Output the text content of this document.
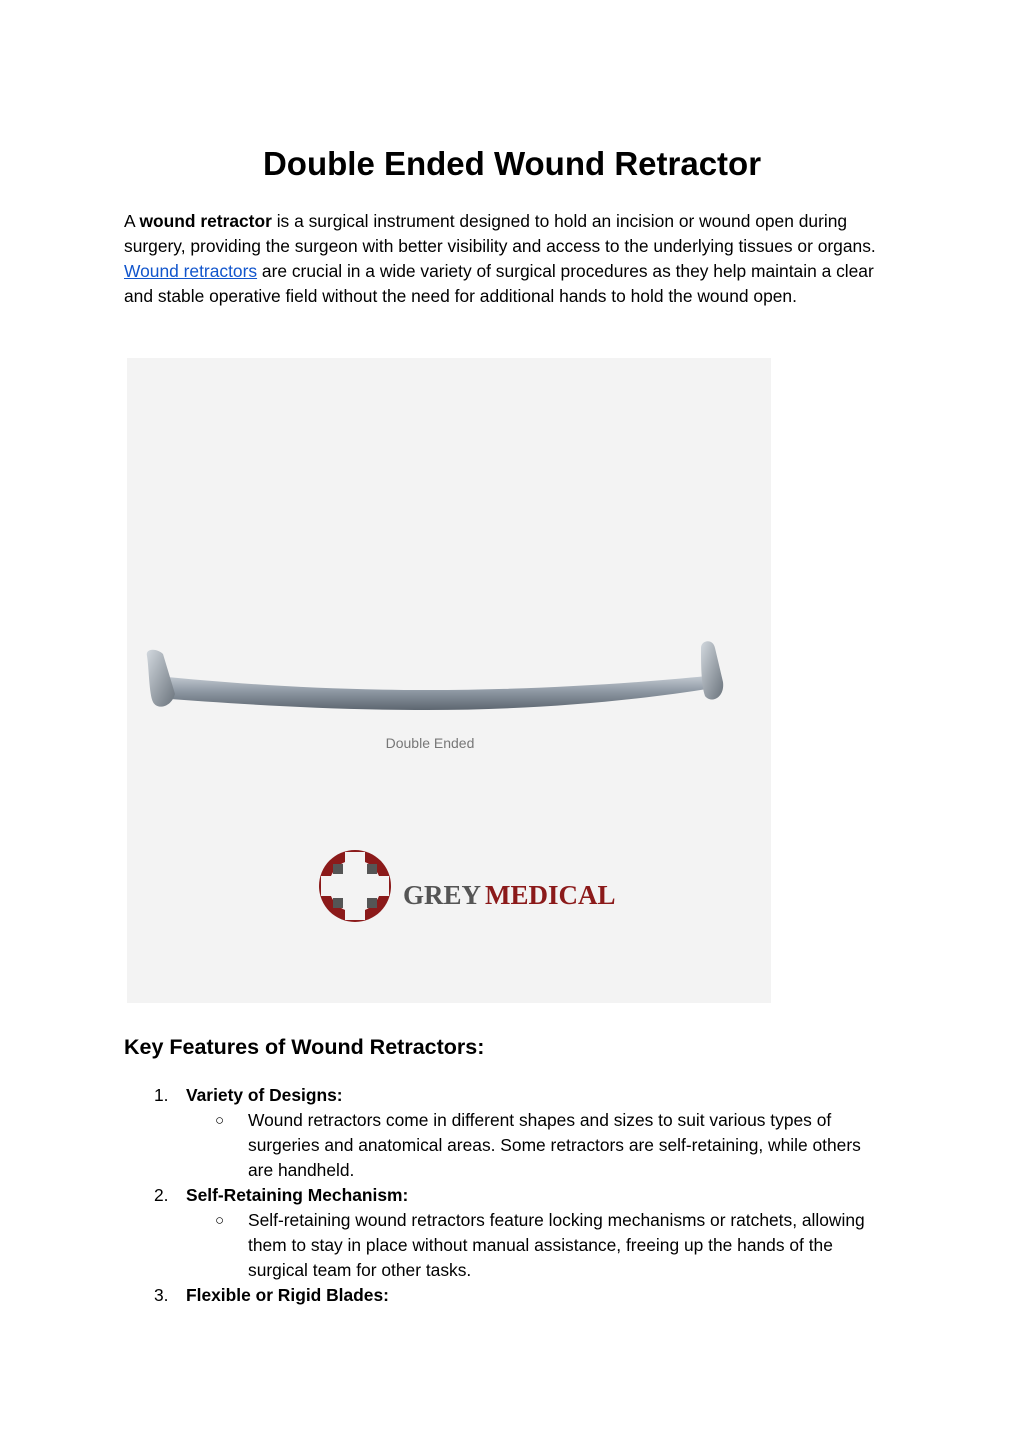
Double Ended Wound Retractor

A wound retractor is a surgical instrument designed to hold an incision or wound open during surgery, providing the surgeon with better visibility and access to the underlying tissues or organs. Wound retractors are crucial in a wide variety of surgical procedures as they help maintain a clear and stable operative field without the need for additional hands to hold the wound open.

Double Ended
GREY MEDICAL
Key Features of Wound Retractors:
1.	Variety of Designs:
○ Wound retractors come in different shapes and sizes to suit various types of surgeries and anatomical areas. Some retractors are self-retaining, while others are handheld.
2.	Self-Retaining Mechanism:
○ Self-retaining wound retractors feature locking mechanisms or ratchets, allowing them to stay in place without manual assistance, freeing up the hands of the surgical team for other tasks.
3.	Flexible or Rigid Blades:
